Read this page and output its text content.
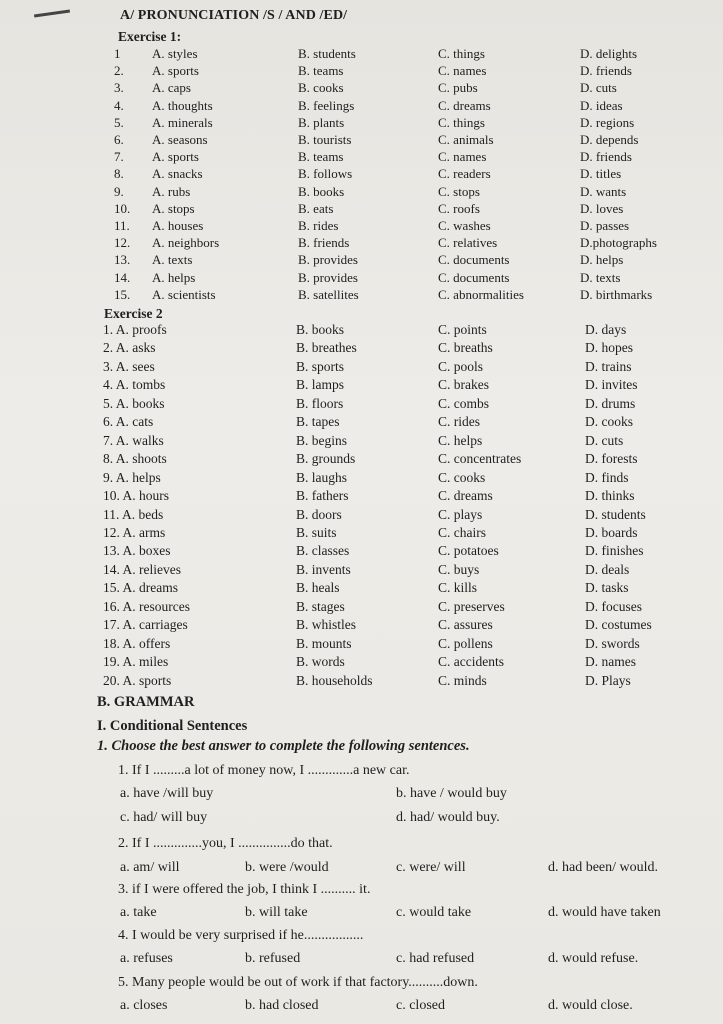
A/ PRONUNCIATION /S / AND /ED/
Exercise 1:
1	A. styles	B. students	C. things	D. delights
2.	A. sports	B. teams	C. names	D. friends
3.	A. caps	B. cooks	C. pubs	D. cuts
4.	A. thoughts	B. feelings	C. dreams	D. ideas
5.	A. minerals	B. plants	C. things	D. regions
6.	A. seasons	B. tourists	C. animals	D. depends
7.	A. sports	B. teams	C. names	D. friends
8.	A. snacks	B. follows	C. readers	D. titles
9.	A. rubs	B. books	C. stops	D. wants
10.	A. stops	B. eats	C. roofs	D. loves
11.	A. houses	B. rides	C. washes	D. passes
12.	A. neighbors	B. friends	C. relatives	D.photographs
13.	A. texts	B. provides	C. documents	D. helps
14.	A. helps	B. provides	C. documents	D. texts
15.	A. scientists	B. satellites	C. abnormalities	D. birthmarks
Exercise 2
1. A. proofs	B. books	C. points	D. days
2. A. asks	B. breathes	C. breaths	D. hopes
3. A. sees	B. sports	C. pools	D. trains
4. A. tombs	B. lamps	C. brakes	D. invites
5. A. books	B. floors	C. combs	D. drums
6. A. cats	B. tapes	C. rides	D. cooks
7. A. walks	B. begins	C. helps	D. cuts
8. A. shoots	B. grounds	C. concentrates	D. forests
9. A. helps	B. laughs	C. cooks	D. finds
10. A. hours	B. fathers	C. dreams	D. thinks
11. A. beds	B. doors	C. plays	D. students
12. A. arms	B. suits	C. chairs	D. boards
13. A. boxes	B. classes	C. potatoes	D. finishes
14. A. relieves	B. invents	C. buys	D. deals
15. A. dreams	B. heals	C. kills	D. tasks
16. A. resources	B. stages	C. preserves	D. focuses
17. A. carriages	B. whistles	C. assures	D. costumes
18. A. offers	B. mounts	C. pollens	D. swords
19. A. miles	B. words	C. accidents	D. names
20. A. sports	B. households	C. minds	D. Plays
B. GRAMMAR
I. Conditional Sentences
1. Choose the best answer to complete the following sentences.
1. If I .........a lot of money now, I .............a new car.
a. have /will buy	b. have / would buy
c. had/ will buy	d. had/ would buy.
2. If I ..............you, I ...............do that.
a. am/ will	b. were /would	c. were/ will	d. had been/ would.
3. if I were offered the job, I think I .......... it.
a. take	b. will take	c. would take	d. would have taken
4. I would be very surprised if he.................
a. refuses	b. refused	c. had refused	d. would refuse.
5. Many people would be out of work if that factory..........down.
a. closes	b. had closed	c. closed	d. would close.
